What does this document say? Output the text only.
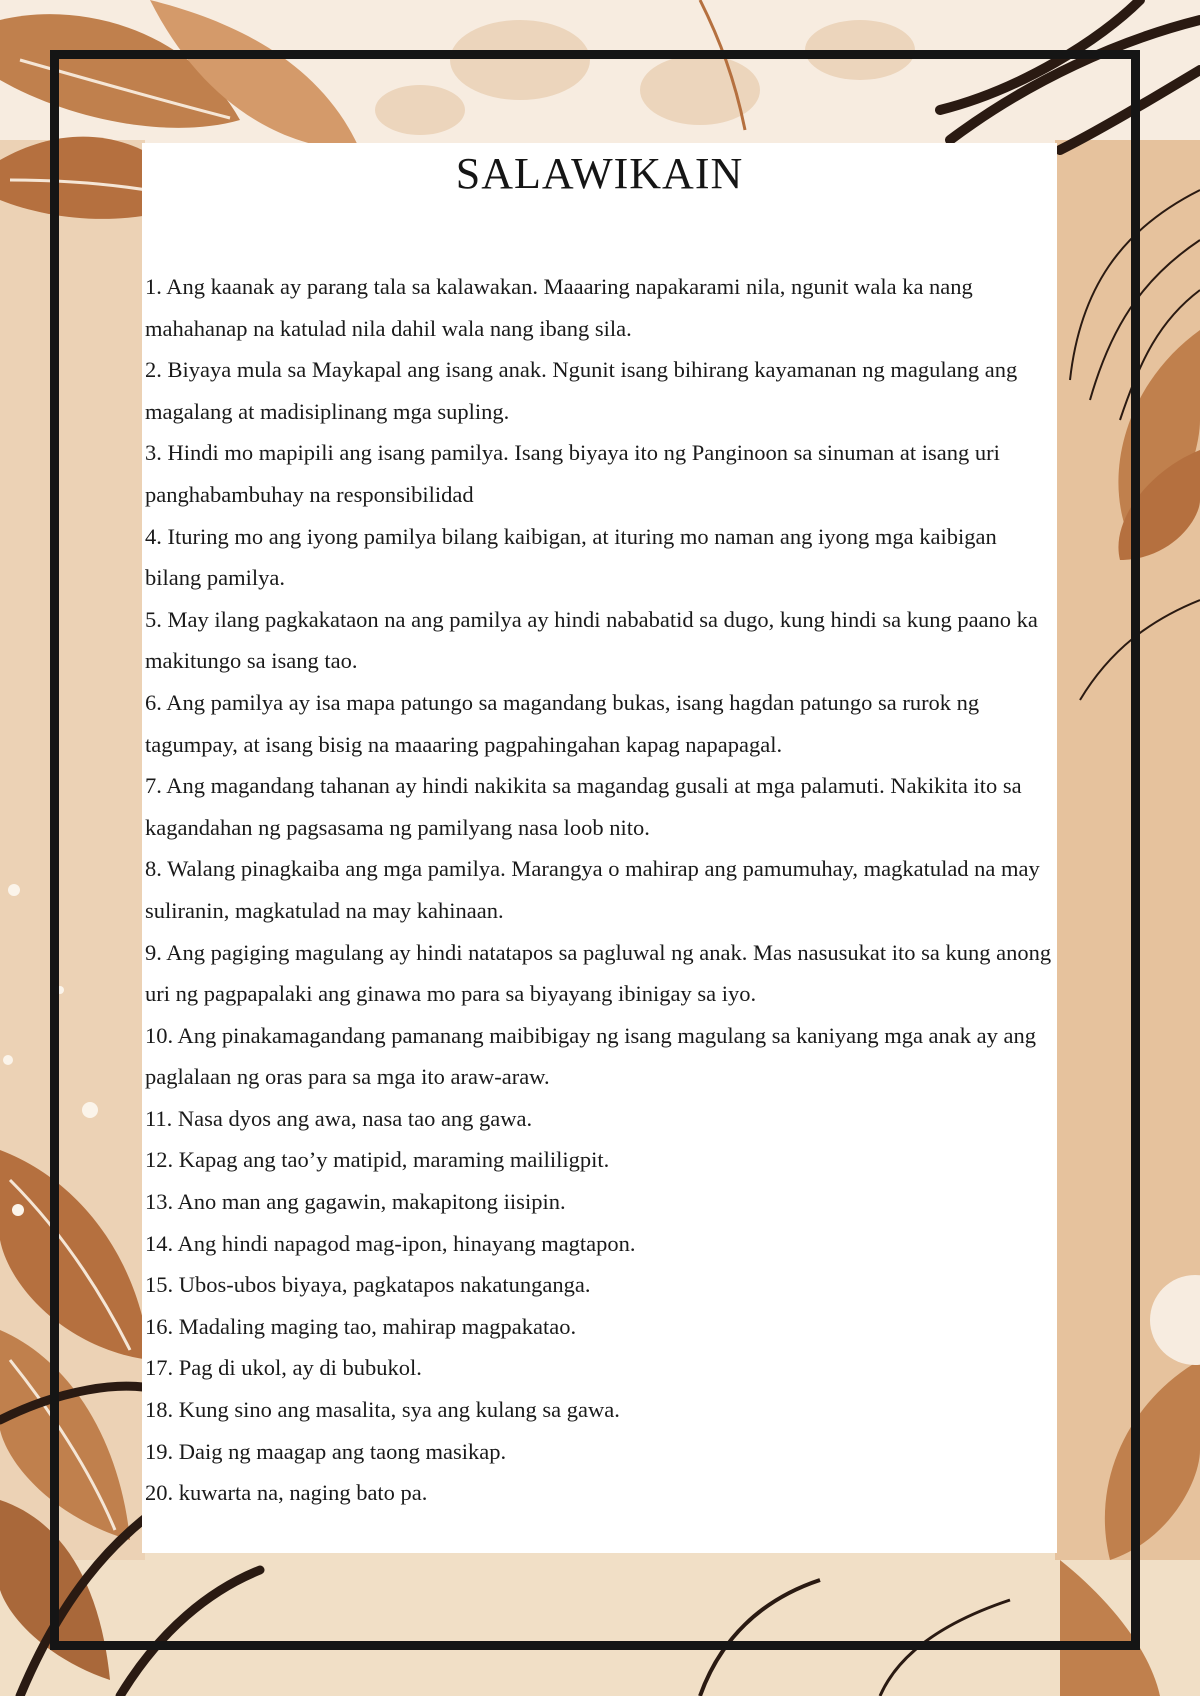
SALAWIKAIN
1. Ang kaanak ay parang tala sa kalawakan. Maaaring napakarami nila, ngunit wala ka nang mahahanap na katulad nila dahil wala nang ibang sila.
2. Biyaya mula sa Maykapal ang isang anak. Ngunit isang bihirang kayamanan ng magulang ang magalang at madisiplinang mga supling.
3. Hindi mo mapipili ang isang pamilya. Isang biyaya ito ng Panginoon sa sinuman at isang uri panghabambuhay na responsibilidad
4. Ituring mo ang iyong pamilya bilang kaibigan, at ituring mo naman ang iyong mga kaibigan bilang pamilya.
5. May ilang pagkakataon na ang pamilya ay hindi nababatid sa dugo, kung hindi sa kung paano ka makitungo sa isang tao.
6. Ang pamilya ay isa mapa patungo sa magandang bukas, isang hagdan patungo sa rurok ng tagumpay, at isang bisig na maaaring pagpahingahan kapag napapagal.
7. Ang magandang tahanan ay hindi nakikita sa magandag gusali at mga palamuti. Nakikita ito sa kagandahan ng pagsasama ng pamilyang nasa loob nito.
8. Walang pinagkaiba ang mga pamilya. Marangya o mahirap ang pamumuhay, magkatulad na may suliranin, magkatulad na may kahinaan.
9. Ang pagiging magulang ay hindi natatapos sa pagluwal ng anak. Mas nasusukat ito sa kung anong uri ng pagpapalaki ang ginawa mo para sa biyayang ibinigay sa iyo.
10. Ang pinakamagandang pamanang maibibigay ng isang magulang sa kaniyang mga anak ay ang paglalaan ng oras para sa mga ito araw-araw.
11. Nasa dyos ang awa, nasa tao ang gawa.
12. Kapag ang tao’y matipid, maraming maililigpit.
13. Ano man ang gagawin, makapitong iisipin.
14. Ang hindi napagod mag-ipon, hinayang magtapon.
15. Ubos-ubos biyaya, pagkatapos nakatunganga.
16. Madaling maging tao, mahirap magpakatao.
17. Pag di ukol, ay di bubukol.
18. Kung sino ang masalita, sya ang kulang sa gawa.
19. Daig ng maagap ang taong masikap.
20. kuwarta na, naging bato pa.
